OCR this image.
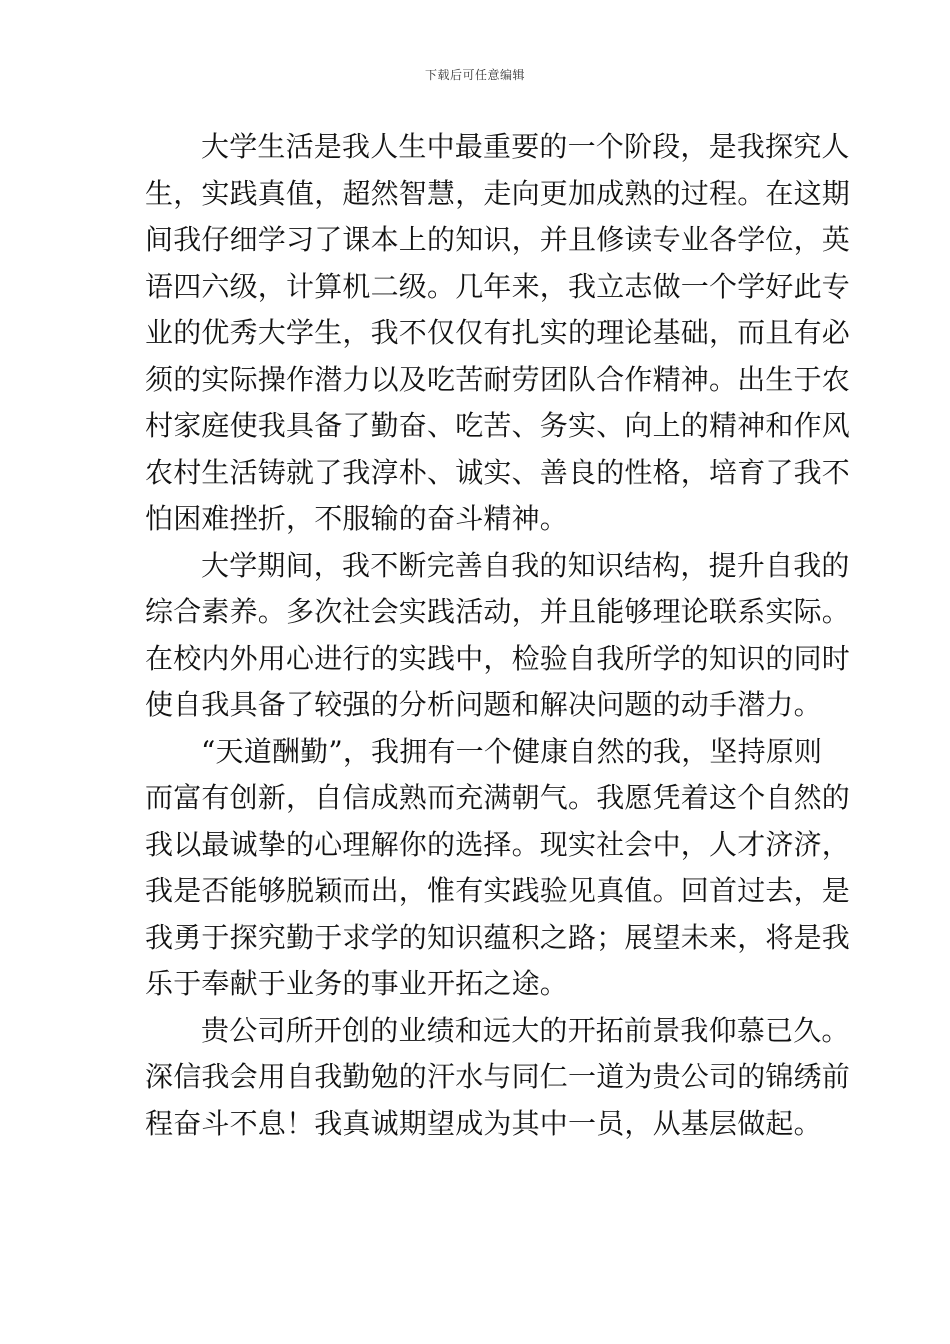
下载后可任意编辑

大学生活是我人生中最重要的一个阶段，是我探究人
生，实践真值，超然智慧，走向更加成熟的过程。在这期
间我仔细学习了课本上的知识，并且修读专业各学位，英
语四六级，计算机二级。几年来，我立志做一个学好此专
业的优秀大学生，我不仅仅有扎实的理论基础，而且有必
须的实际操作潜力以及吃苦耐劳团队合作精神。出生于农
村家庭使我具备了勤奋、吃苦、务实、向上的精神和作风
农村生活铸就了我淳朴、诚实、善良的性格，培育了我不
怕困难挫折，不服输的奋斗精神。

大学期间，我不断完善自我的知识结构，提升自我的
综合素养。多次社会实践活动，并且能够理论联系实际。
在校内外用心进行的实践中，检验自我所学的知识的同时
使自我具备了较强的分析问题和解决问题的动手潜力。

“天道酬勤”，我拥有一个健康自然的我，坚持原则
而富有创新，自信成熟而充满朝气。我愿凭着这个自然的
我以最诚挚的心理解你的选择。现实社会中，人才济济，
我是否能够脱颖而出，惟有实践验见真值。回首过去，是
我勇于探究勤于求学的知识蕴积之路；展望未来，将是我
乐于奉献于业务的事业开拓之途。

贵公司所开创的业绩和远大的开拓前景我仰慕已久。
深信我会用自我勤勉的汗水与同仁一道为贵公司的锦绣前
程奋斗不息！我真诚期望成为其中一员，从基层做起。
